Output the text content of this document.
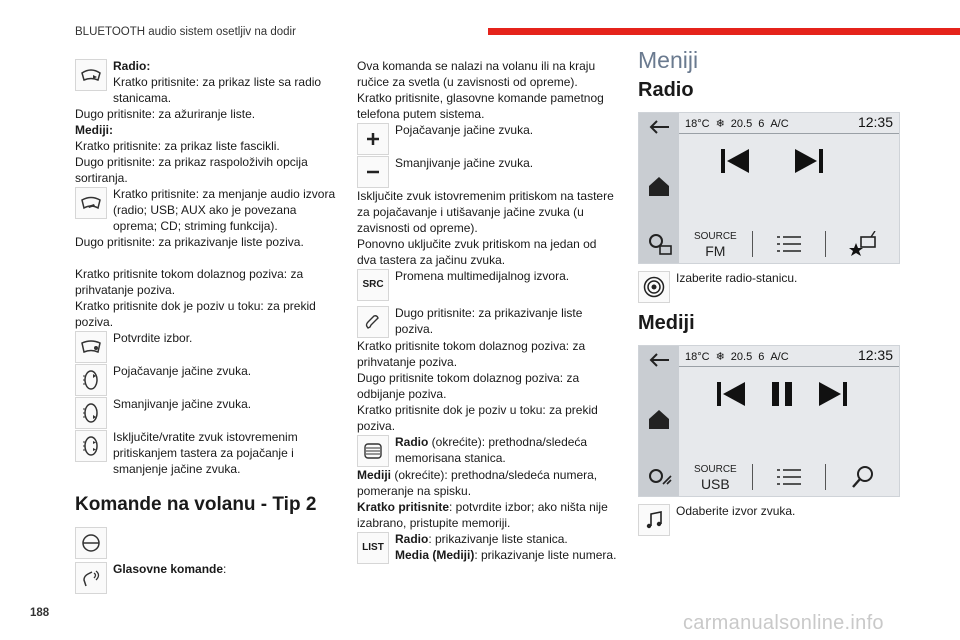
BLUETOOTH audio sistem osetljiv na dodir
Radio:
Kratko pritisnite: za prikaz liste sa radio stanicama.
Dugo pritisnite: za ažuriranje liste.
Mediji:
Kratko pritisnite: za prikaz liste fascikli.
Dugo pritisnite: za prikaz raspoloživih opcija sortiranja.
Kratko pritisnite: za menjanje audio izvora (radio; USB; AUX ako je povezana oprema; CD; striming funkcija).
Dugo pritisnite: za prikazivanje liste poziva.
Kratko pritisnite tokom dolaznog poziva: za prihvatanje poziva.
Kratko pritisnite dok je poziv u toku: za prekid poziva.
Potvrdite izbor.
Pojačavanje jačine zvuka.
Smanjivanje jačine zvuka.
Isključite/vratite zvuk istovremenim pritiskanjem tastera za pojačanje i smanjenje jačine zvuka.
Komande na volanu - Tip 2
Glasovne komande:
Ova komanda se nalazi na volanu ili na kraju ručice za svetla (u zavisnosti od opreme).
Kratko pritisnite, glasovne komande pametnog telefona putem sistema.
Pojačavanje jačine zvuka.
Smanjivanje jačine zvuka.
Isključite zvuk istovremenim pritiskom na tastere za pojačavanje i utišavanje jačine zvuka (u zavisnosti od opreme).
Ponovno uključite zvuk pritiskom na jedan od dva tastera za jačinu zvuka.
SRC
Promena multimedijalnog izvora.
Dugo pritisnite: za prikazivanje liste poziva.
Kratko pritisnite tokom dolaznog poziva: za prihvatanje poziva.
Dugo pritisnite tokom dolaznog poziva: za odbijanje poziva.
Kratko pritisnite dok je poziv u toku: za prekid poziva.
Radio (okrećite): prethodna/sledeća memorisana stanica.
Mediji (okrećite): prethodna/sledeća numera, pomeranje na spisku.
Kratko pritisnite: potvrdite izbor; ako ništa nije izabrano, pristupite memoriji.
LIST
Radio: prikazivanje liste stanica.
Media (Mediji): prikazivanje liste numera.
Meniji
Radio
18°C ❄ 20.5 6 A/C	12:35
SOURCE
FM
Izaberite radio-stanicu.
Mediji
18°C ❄ 20.5 6 A/C	12:35
SOURCE
USB
Odaberite izvor zvuka.
188	carmanualsonline.info
